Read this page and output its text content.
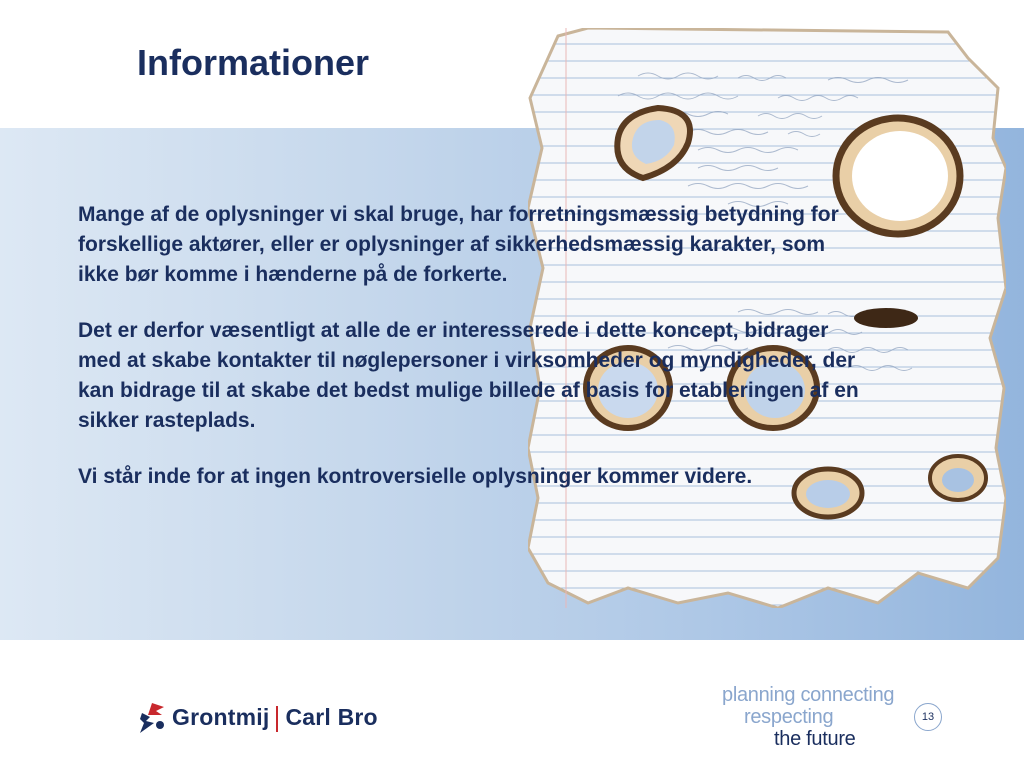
Informationer

Mange af de oplysninger vi skal bruge, har forretningsmæssig betydning for forskellige aktører, eller er oplysninger af sikkerhedsmæssig karakter, som ikke bør komme i hænderne på de forkerte.

Det er derfor væsentligt at alle de er interesserede i dette koncept, bidrager med at skabe kontakter til nøglepersoner i virksomheder og myndigheder, der kan bidrage til at skabe det bedst mulige billede af basis for etableringen af en sikker rasteplads.

Vi står inde for at ingen kontroversielle oplysninger kommer videre.

Grontmij Carl Bro
planning connecting
respecting
the future
13
